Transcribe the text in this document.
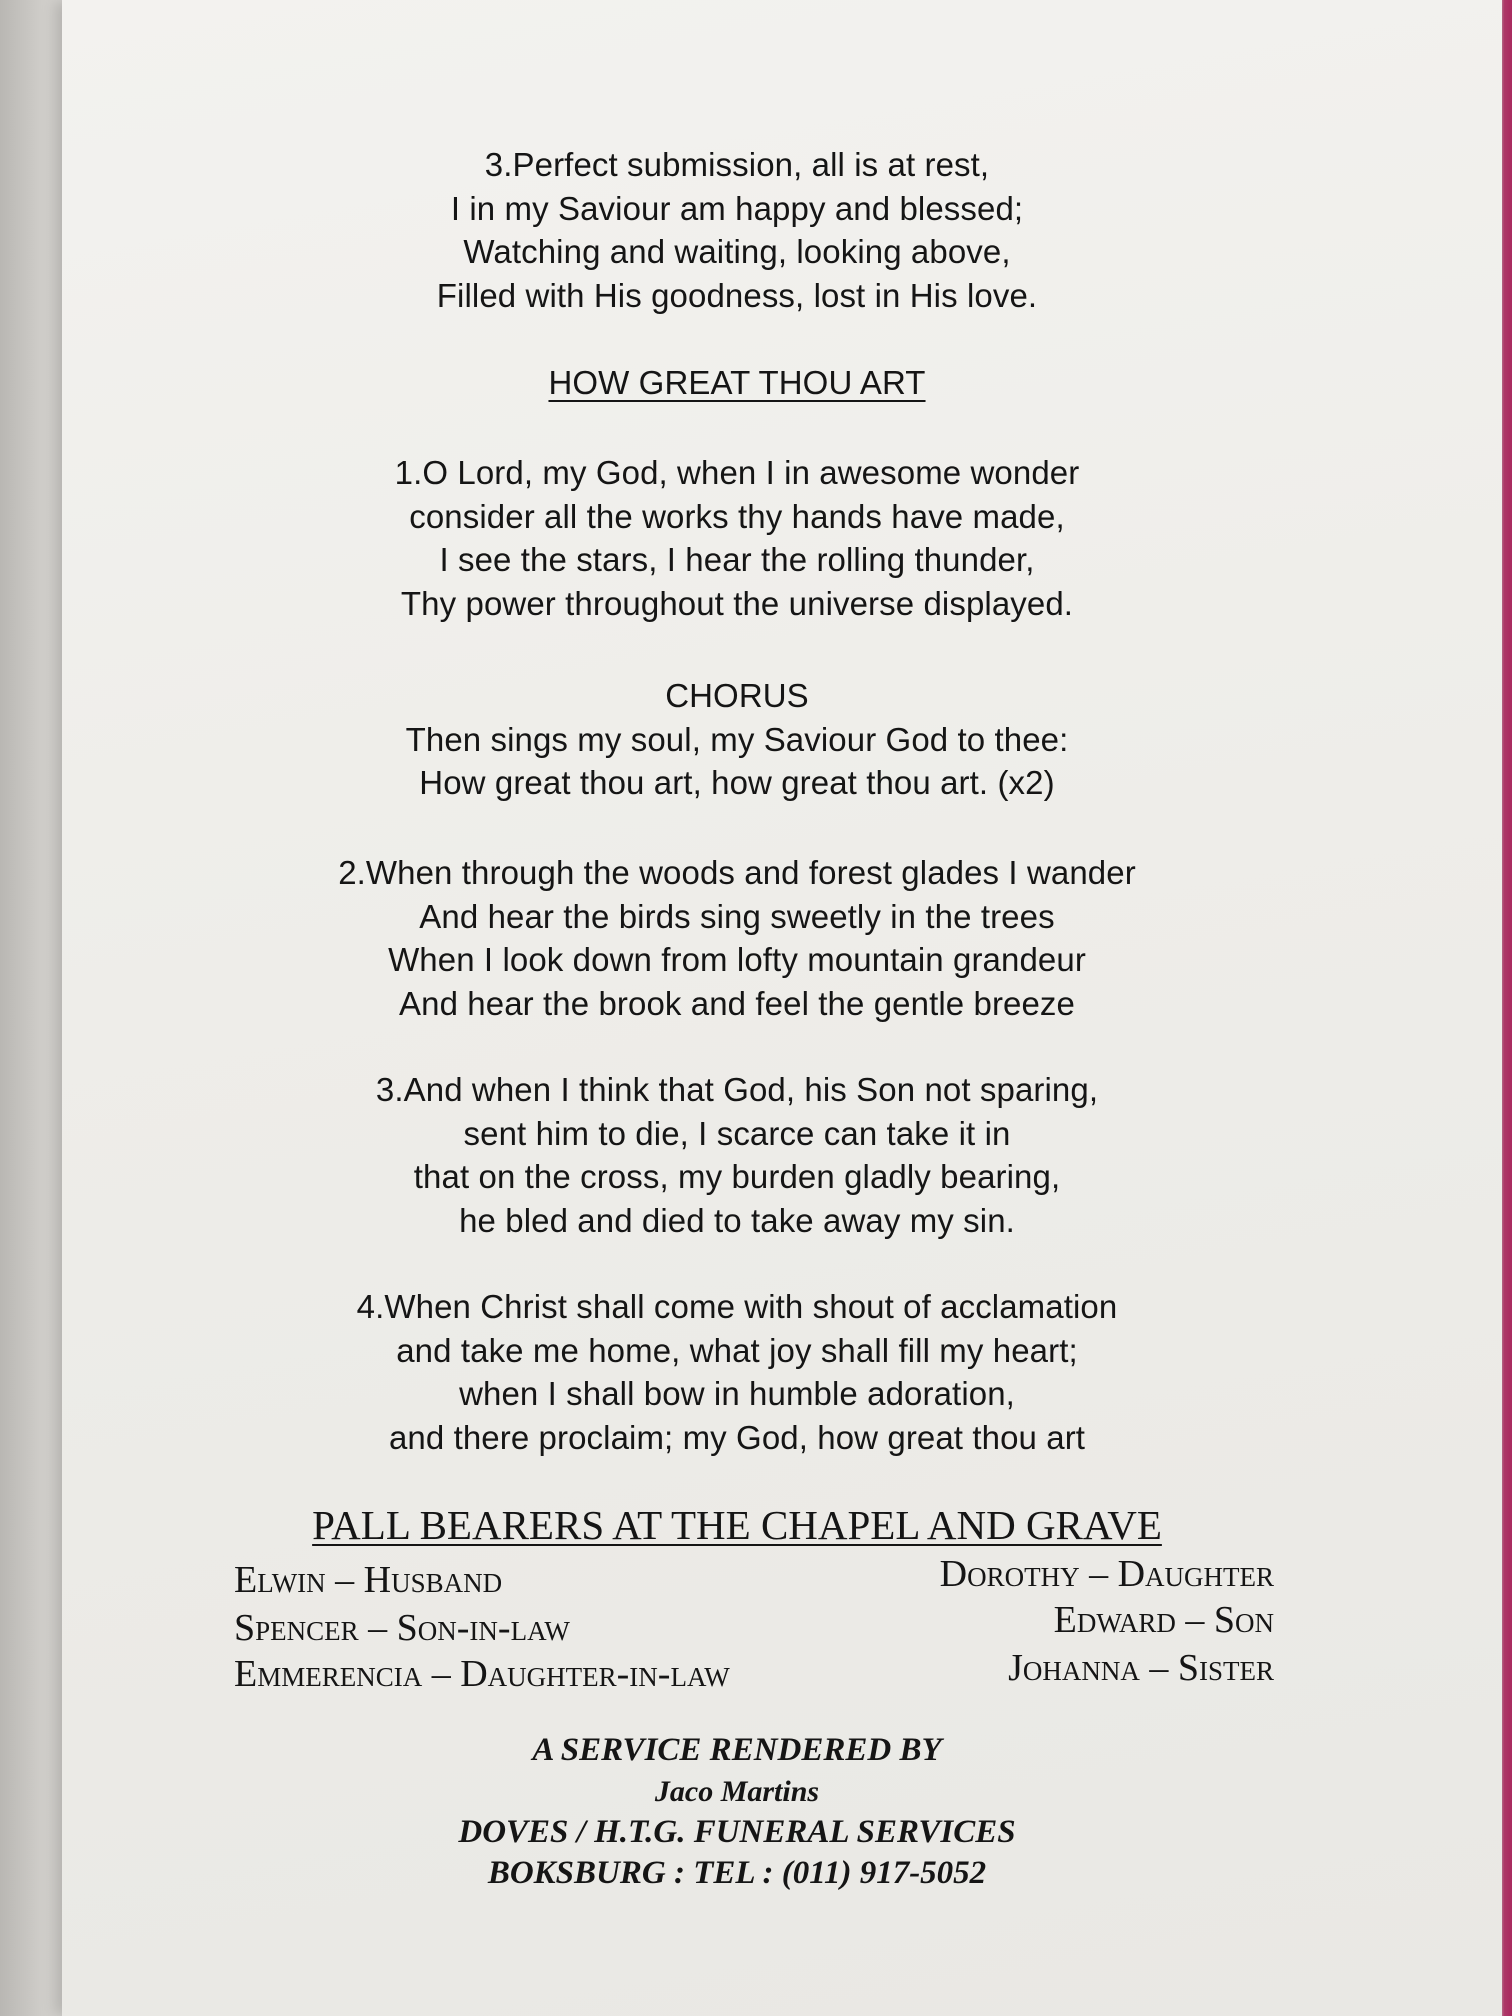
3.Perfect submission, all is at rest,
I in my Saviour am happy and blessed;
Watching and waiting, looking above,
Filled with His goodness, lost in His love.
HOW GREAT THOU ART
1.O Lord, my God, when I in awesome wonder
consider all the works thy hands have made,
I see the stars, I hear the rolling thunder,
Thy power throughout the universe displayed.
CHORUS
Then sings my soul, my Saviour God to thee:
How great thou art, how great thou art. (x2)
2.When through the woods and forest glades I wander
And hear the birds sing sweetly in the trees
When I look down from lofty mountain grandeur
And hear the brook and feel the gentle breeze
3.And when I think that God, his Son not sparing,
sent him to die, I scarce can take it in
that on the cross, my burden gladly bearing,
he bled and died to take away my sin.
4.When Christ shall come with shout of acclamation
and take me home, what joy shall fill my heart;
when I shall bow in humble adoration,
and there proclaim; my God, how great thou art
PALL BEARERS AT THE CHAPEL AND GRAVE
Elwin – Husband
Spencer – Son-in-law
Emmerencia – Daughter-in-law
Dorothy – Daughter
Edward – Son
Johanna – Sister
A SERVICE RENDERED BY
Jaco Martins
DOVES / H.T.G. FUNERAL SERVICES
BOKSBURG : TEL : (011) 917-5052
